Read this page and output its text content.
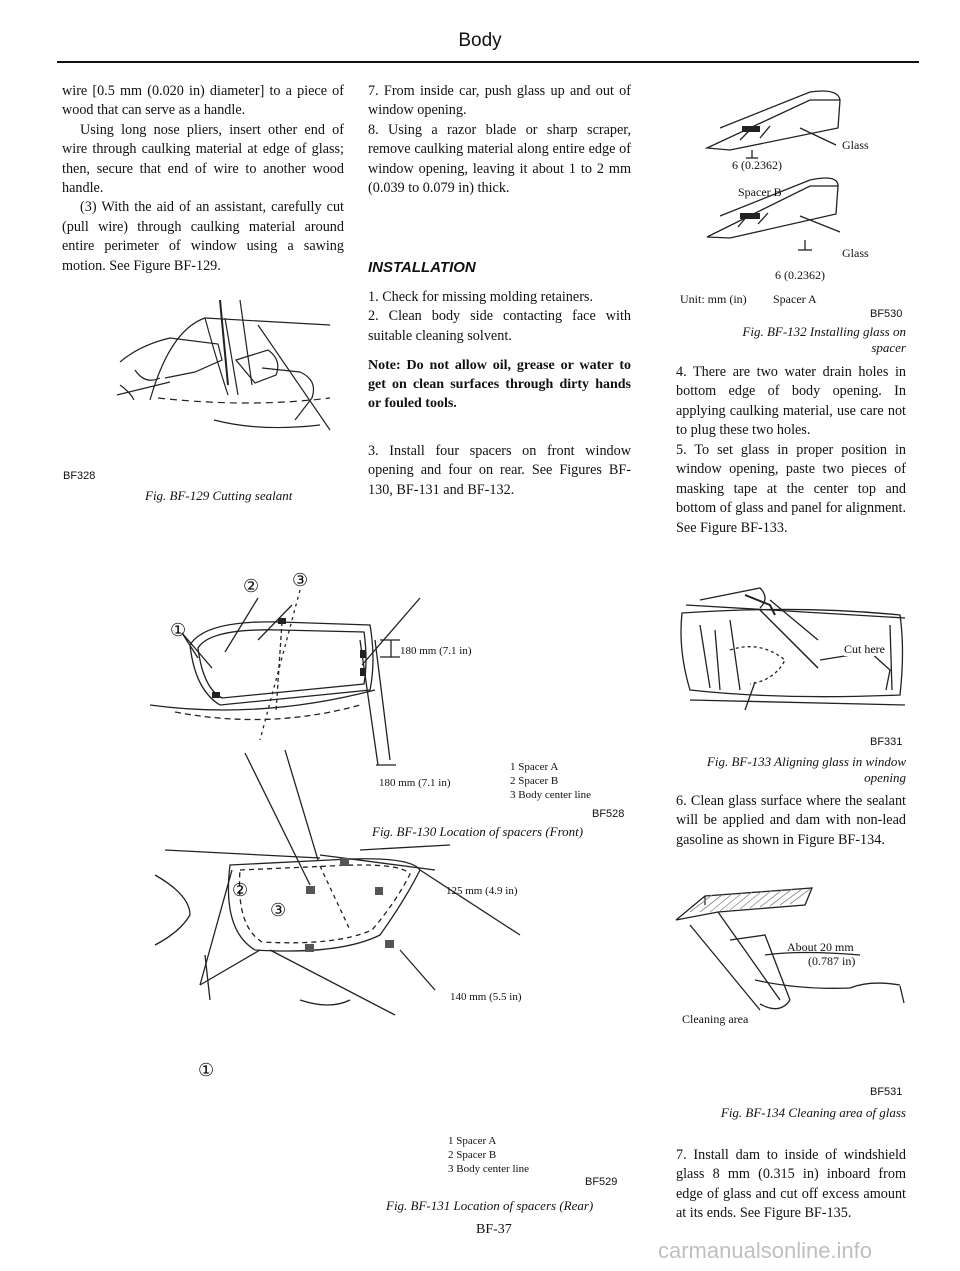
Body

wire [0.5 mm (0.020 in) diameter] to a piece of wood that can serve as a handle.

Using long nose pliers, insert other end of wire through caulking material at edge of glass; then, secure that end of wire to another wood handle.

(3) With the aid of an assistant, carefully cut (pull wire) through caulking material around entire perimeter of window using a sawing motion. See Figure BF-129.

BF328
Fig. BF-129 Cutting sealant

7. From inside car, push glass up and out of window opening.

8. Using a razor blade or sharp scraper, remove caulking material along entire edge of window opening, leaving it about 1 to 2 mm (0.039 to 0.079 in) thick.

INSTALLATION

1. Check for missing molding retainers.

2. Clean body side contacting face with suitable cleaning solvent.

Note: Do not allow oil, grease or water to get on clean surfaces through dirty hands or fouled tools.

3. Install four spacers on front window opening and four on rear. See Figures BF-130, BF-131 and BF-132.

② ③
①
180 mm (7.1 in)
180 mm (7.1 in)
1 Spacer A
2 Spacer B
3 Body center line
BF528
Fig. BF-130 Location of spacers (Front)
②
③
①
125 mm (4.9 in)
140 mm (5.5 in)
1 Spacer A
2 Spacer B
3 Body center line
BF529
Fig. BF-131 Location of spacers (Rear)
BF-37
Glass
6 (0.2362)
Spacer B
Glass
6 (0.2362)
Unit: mm (in) Spacer A
BF530
Fig. BF-132 Installing glass on spacer

4. There are two water drain holes in bottom edge of body opening. In applying caulking material, use care not to plug these two holes.

5. To set glass in proper position in window opening, paste two pieces of masking tape at the center top and bottom of glass and panel for alignment. See Figure BF-133.

Cut here
BF331
Fig. BF-133 Aligning glass in window opening

6. Clean glass surface where the sealant will be applied and dam with non-lead gasoline as shown in Figure BF-134.

About 20 mm
(0.787 in)
Cleaning area
BF531
Fig. BF-134 Cleaning area of glass

7. Install dam to inside of windshield glass 8 mm (0.315 in) inboard from edge of glass and cut off excess amount at its ends. See Figure BF-135.

carmanualsonline.info
